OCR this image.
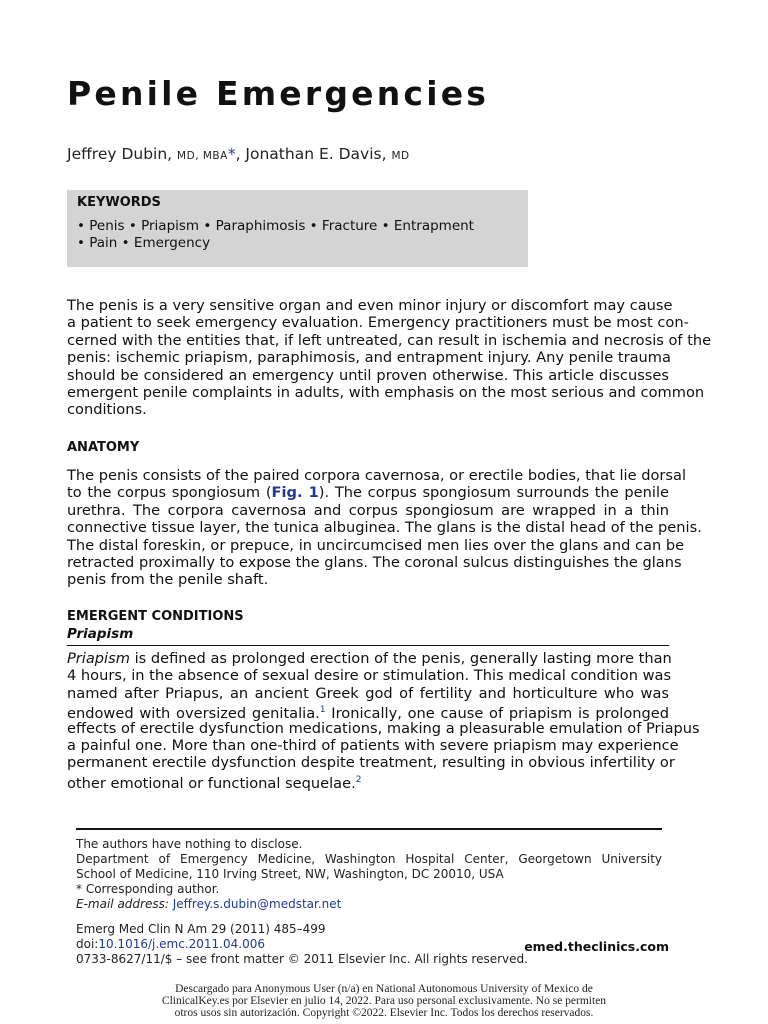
Penile Emergencies
Jeffrey Dubin, MD, MBA*, Jonathan E. Davis, MD
KEYWORDS
• Penis • Priapism • Paraphimosis • Fracture • Entrapment
• Pain • Emergency
The penis is a very sensitive organ and even minor injury or discomfort may cause
a patient to seek emergency evaluation. Emergency practitioners must be most con-
cerned with the entities that, if left untreated, can result in ischemia and necrosis of the
penis: ischemic priapism, paraphimosis, and entrapment injury. Any penile trauma
should be considered an emergency until proven otherwise. This article discusses
emergent penile complaints in adults, with emphasis on the most serious and common
conditions.
ANATOMY
The penis consists of the paired corpora cavernosa, or erectile bodies, that lie dorsal
to the corpus spongiosum (Fig. 1). The corpus spongiosum surrounds the penile
urethra. The corpora cavernosa and corpus spongiosum are wrapped in a thin
connective tissue layer, the tunica albuginea. The glans is the distal head of the penis.
The distal foreskin, or prepuce, in uncircumcised men lies over the glans and can be
retracted proximally to expose the glans. The coronal sulcus distinguishes the glans
penis from the penile shaft.
EMERGENT CONDITIONS
Priapism
Priapism is defined as prolonged erection of the penis, generally lasting more than
4 hours, in the absence of sexual desire or stimulation. This medical condition was
named after Priapus, an ancient Greek god of fertility and horticulture who was
endowed with oversized genitalia.$^1$ Ironically, one cause of priapism is prolonged
effects of erectile dysfunction medications, making a pleasurable emulation of Priapus
a painful one. More than one-third of patients with severe priapism may experience
permanent erectile dysfunction despite treatment, resulting in obvious infertility or
other emotional or functional sequelae.$^2$
The authors have nothing to disclose.
Department of Emergency Medicine, Washington Hospital Center, Georgetown University
School of Medicine, 110 Irving Street, NW, Washington, DC 20010, USA
* Corresponding author.
E-mail address: Jeffrey.s.dubin@medstar.net
Emerg Med Clin N Am 29 (2011) 485–499
doi:10.1016/j.emc.2011.04.006
0733-8627/11/$ – see front matter © 2011 Elsevier Inc. All rights reserved.
emed.theclinics.com
Descargado para Anonymous User (n/a) en National Autonomous University of Mexico de
ClinicalKey.es por Elsevier en julio 14, 2022. Para uso personal exclusivamente. No se permiten
otros usos sin autorización. Copyright ©2022. Elsevier Inc. Todos los derechos reservados.
